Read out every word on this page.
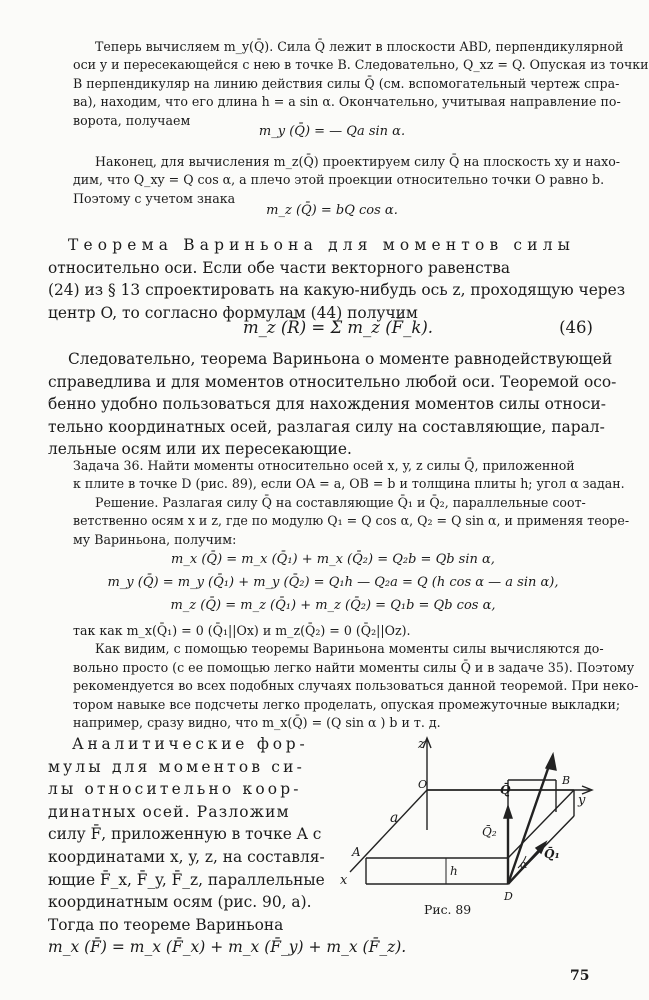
Теперь вычисляем m_y(Q̄). Сила Q̄ лежит в плоскости ABD, перпендикулярной
оси y и пересекающейся с нею в точке B. Следовательно, Q_xz = Q. Опуская из точки
B перпендикуляр на линию действия силы Q̄ (см. вспомогательный чертеж спра-
ва), находим, что его длина h = a sin α. Окончательно, учитывая направление по-
ворота, получаем
m_y (Q̄) = — Qa sin α.
Наконец, для вычисления m_z(Q̄) проектируем силу Q̄ на плоскость xy и нахо-
дим, что Q_xy = Q cos α, а плечо этой проекции относительно точки O равно b.
Поэтому с учетом знака
m_z (Q̄) = bQ cos α.
Теорема Вариньона для моментов силы
относительно оси. Если обе части векторного равенства
(24) из § 13 спроектировать на какую-нибудь ось z, проходящую через
центр O, то согласно формулам (44) получим
m_z (R̄) = Σ m_z (F̄_k).	(46)
Следовательно, теорема Вариньона о моменте равнодействующей
справедлива и для моментов относительно любой оси. Теоремой осо-
бенно удобно пользоваться для нахождения моментов силы относи-
тельно координатных осей, разлагая силу на составляющие, парал-
лельные осям или их пересекающие.
Задача 36. Найти моменты относительно осей x, y, z силы Q̄, приложенной
к плите в точке D (рис. 89), если OA = a, OB = b и толщина плиты h; угол α задан.
Решение. Разлагая силу Q̄ на составляющие Q̄₁ и Q̄₂, параллельные соот-
ветственно осям x и z, где по модулю Q₁ = Q cos α, Q₂ = Q sin α, и применяя теоре-
му Вариньона, получим:
m_x (Q̄) = m_x (Q̄₁) + m_x (Q̄₂) = Q₂b = Qb sin α,
m_y (Q̄) = m_y (Q̄₁) + m_y (Q̄₂) = Q₁h — Q₂a = Q (h cos α — a sin α),
m_z (Q̄) = m_z (Q̄₁) + m_z (Q̄₂) = Q₁b = Qb cos α,
так как m_x(Q̄₁) = 0 (Q̄₁||Ox) и m_z(Q̄₂) = 0 (Q̄₂||Oz).
Как видим, с помощью теоремы Вариньона моменты силы вычисляются до-
вольно просто (с ее помощью легко найти моменты силы Q̄ и в задаче 35). Поэтому
рекомендуется во всех подобных случаях пользоваться данной теоремой. При неко-
тором навыке все подсчеты легко проделать, опуская промежуточные выкладки;
например, сразу видно, что m_x(Q̄) = (Q sin α ) b и т. д.
Аналитические фор-
мулы для моментов си-
лы относительно коор-
динатных осей. Разложим
силу F̄, приложенную в точке A с
координатами x, y, z, на составля-
ющие F̄_x, F̄_y, F̄_z, параллельные
координатным осям (рис. 90, а).
Тогда по теореме Вариньона
m_x (F̄) = m_x (F̄_x) + m_x (F̄_y) + m_x (F̄_z).
z
y
x
O	B
A
D
a
h
Q̄
Q̄₁
Q̄₂
α
Рис. 89
75
